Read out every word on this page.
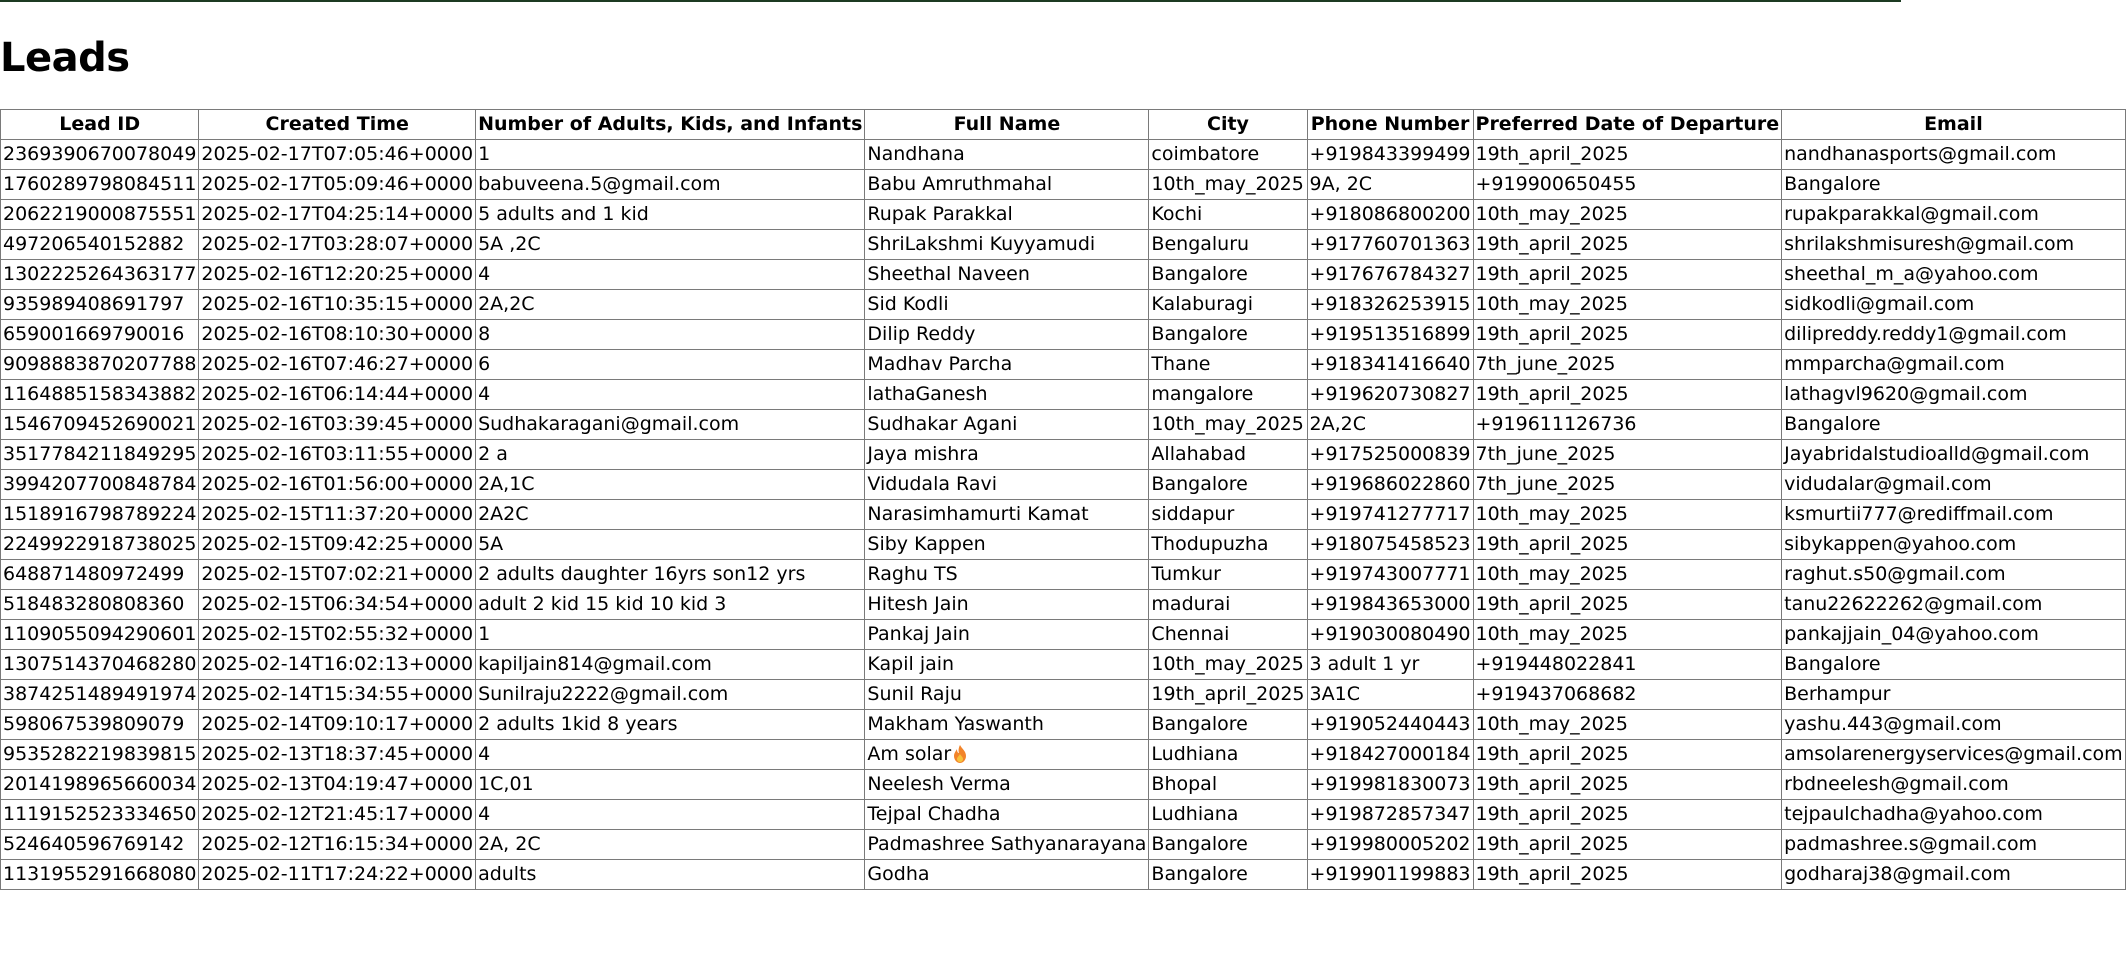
Leads
Lead ID	Created Time	Number of Adults, Kids, and Infants	Full Name	City	Phone Number	Preferred Date of Departure	Email
2369390670078049	2025-02-17T07:05:46+0000	1	Nandhana	coimbatore	+919843399499	19th_april_2025	nandhanasports@gmail.com
1760289798084511	2025-02-17T05:09:46+0000	babuveena.5@gmail.com	Babu Amruthmahal	10th_may_2025	9A, 2C	+919900650455	Bangalore
2062219000875551	2025-02-17T04:25:14+0000	5 adults and 1 kid	Rupak Parakkal	Kochi	+918086800200	10th_may_2025	rupakparakkal@gmail.com
497206540152882	2025-02-17T03:28:07+0000	5A ,2C	ShriLakshmi Kuyyamudi	Bengaluru	+917760701363	19th_april_2025	shrilakshmisuresh@gmail.com
1302225264363177	2025-02-16T12:20:25+0000	4	Sheethal Naveen	Bangalore	+917676784327	19th_april_2025	sheethal_m_a@yahoo.com
935989408691797	2025-02-16T10:35:15+0000	2A,2C	Sid Kodli	Kalaburagi	+918326253915	10th_may_2025	sidkodli@gmail.com
659001669790016	2025-02-16T08:10:30+0000	8	Dilip Reddy	Bangalore	+919513516899	19th_april_2025	dilipreddy.reddy1@gmail.com
9098883870207788	2025-02-16T07:46:27+0000	6	Madhav Parcha	Thane	+918341416640	7th_june_2025	mmparcha@gmail.com
1164885158343882	2025-02-16T06:14:44+0000	4	lathaGanesh	mangalore	+919620730827	19th_april_2025	lathagvl9620@gmail.com
1546709452690021	2025-02-16T03:39:45+0000	Sudhakaragani@gmail.com	Sudhakar Agani	10th_may_2025	2A,2C	+919611126736	Bangalore
3517784211849295	2025-02-16T03:11:55+0000	2 a	Jaya mishra	Allahabad	+917525000839	7th_june_2025	Jayabridalstudioalld@gmail.com
3994207700848784	2025-02-16T01:56:00+0000	2A,1C	Vidudala Ravi	Bangalore	+919686022860	7th_june_2025	vidudalar@gmail.com
1518916798789224	2025-02-15T11:37:20+0000	2A2C	Narasimhamurti Kamat	siddapur	+919741277717	10th_may_2025	ksmurtii777@rediffmail.com
2249922918738025	2025-02-15T09:42:25+0000	5A	Siby Kappen	Thodupuzha	+918075458523	19th_april_2025	sibykappen@yahoo.com
648871480972499	2025-02-15T07:02:21+0000	2 adults daughter 16yrs son12 yrs	Raghu TS	Tumkur	+919743007771	10th_may_2025	raghut.s50@gmail.com
518483280808360	2025-02-15T06:34:54+0000	adult 2 kid 15 kid 10 kid 3	Hitesh Jain	madurai	+919843653000	19th_april_2025	tanu22622262@gmail.com
1109055094290601	2025-02-15T02:55:32+0000	1	Pankaj Jain	Chennai	+919030080490	10th_may_2025	pankajjain_04@yahoo.com
1307514370468280	2025-02-14T16:02:13+0000	kapiljain814@gmail.com	Kapil jain	10th_may_2025	3 adult 1 yr	+919448022841	Bangalore
3874251489491974	2025-02-14T15:34:55+0000	Sunilraju2222@gmail.com	Sunil Raju	19th_april_2025	3A1C	+919437068682	Berhampur
598067539809079	2025-02-14T09:10:17+0000	2 adults 1kid 8 years	Makham Yaswanth	Bangalore	+919052440443	10th_may_2025	yashu.443@gmail.com
9535282219839815	2025-02-13T18:37:45+0000	4	Am solar	Ludhiana	+918427000184	19th_april_2025	amsolarenergyservices@gmail.com
2014198965660034	2025-02-13T04:19:47+0000	1C,01	Neelesh Verma	Bhopal	+919981830073	19th_april_2025	rbdneelesh@gmail.com
1119152523334650	2025-02-12T21:45:17+0000	4	Tejpal Chadha	Ludhiana	+919872857347	19th_april_2025	tejpaulchadha@yahoo.com
524640596769142	2025-02-12T16:15:34+0000	2A, 2C	Padmashree Sathyanarayana	Bangalore	+919980005202	19th_april_2025	padmashree.s@gmail.com
1131955291668080	2025-02-11T17:24:22+0000	adults	Godha	Bangalore	+919901199883	19th_april_2025	godharaj38@gmail.com
